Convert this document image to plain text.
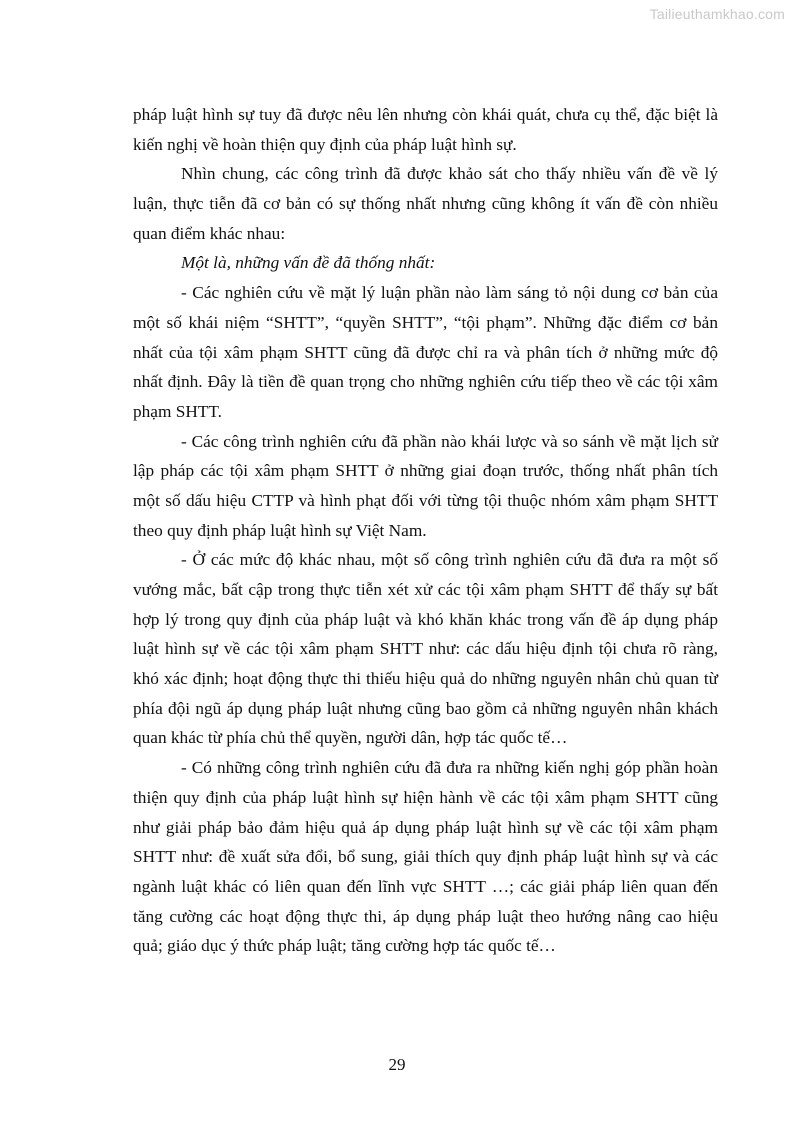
Tailieuthamkhao.com
pháp luật hình sự tuy đã được nêu lên nhưng còn khái quát, chưa cụ thể, đặc biệt là
kiến nghị về hoàn thiện quy định của pháp luật hình sự.
Nhìn chung, các công trình đã được khảo sát cho thấy nhiều vấn đề về lý
luận, thực tiễn đã cơ bản có sự thống nhất nhưng cũng không ít vấn đề còn nhiều
quan điểm khác nhau:
Một là, những vấn đề đã thống nhất:
- Các nghiên cứu về mặt lý luận phần nào làm sáng tỏ nội dung cơ bản của
một số khái niệm “SHTT”, “quyền SHTT”, “tội phạm”. Những đặc điểm cơ bản
nhất của tội xâm phạm SHTT cũng đã được chỉ ra và phân tích ở những mức độ
nhất định. Đây là tiền đề quan trọng cho những nghiên cứu tiếp theo về các tội xâm
phạm SHTT.
- Các công trình nghiên cứu đã phần nào khái lược và so sánh về mặt lịch sử
lập pháp các tội xâm phạm SHTT ở những giai đoạn trước, thống nhất phân tích
một số dấu hiệu CTTP và hình phạt đối với từng tội thuộc nhóm xâm phạm SHTT
theo quy định pháp luật hình sự Việt Nam.
- Ở các mức độ khác nhau, một số công trình nghiên cứu đã đưa ra một số
vướng mắc, bất cập trong thực tiễn xét xử các tội xâm phạm SHTT để thấy sự bất
hợp lý trong quy định của pháp luật và khó khăn khác trong vấn đề áp dụng pháp
luật hình sự về các tội xâm phạm SHTT như: các dấu hiệu định tội chưa rõ ràng,
khó xác định; hoạt động thực thi thiếu hiệu quả do những nguyên nhân chủ quan từ
phía đội ngũ áp dụng pháp luật nhưng cũng bao gồm cả những nguyên nhân khách
quan khác từ phía chủ thể quyền, người dân, hợp tác quốc tế…
- Có những công trình nghiên cứu đã đưa ra những kiến nghị góp phần hoàn
thiện quy định của pháp luật hình sự hiện hành về các tội xâm phạm SHTT cũng
như giải pháp bảo đảm hiệu quả áp dụng pháp luật hình sự về các tội xâm phạm
SHTT như: đề xuất sửa đổi, bổ sung, giải thích quy định pháp luật hình sự và các
ngành luật khác có liên quan đến lĩnh vực SHTT …; các giải pháp liên quan đến
tăng cường các hoạt động thực thi, áp dụng pháp luật theo hướng nâng cao hiệu
quả; giáo dục ý thức pháp luật; tăng cường hợp tác quốc tế…
29
